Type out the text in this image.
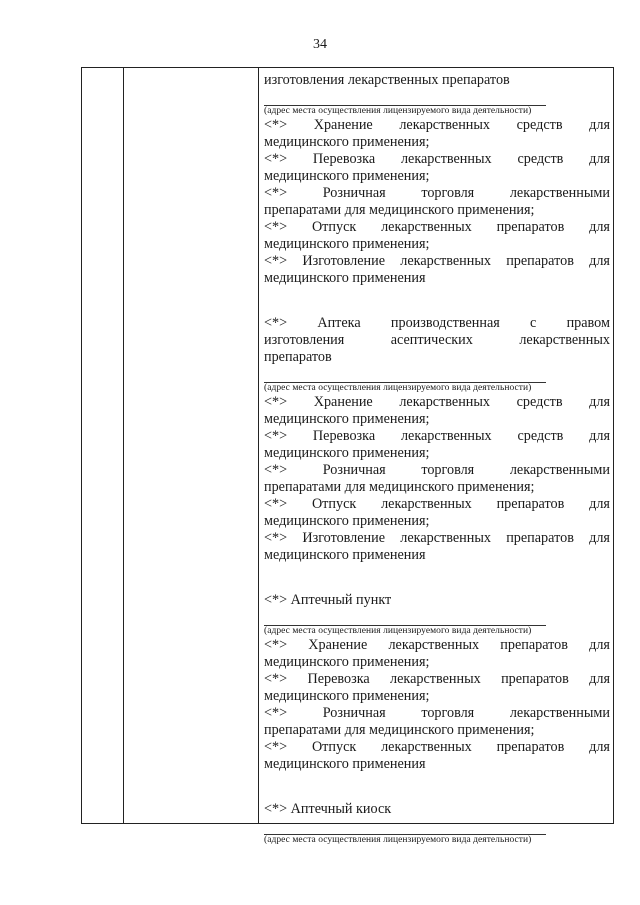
34
изготовления лекарственных препаратов
(адрес места осуществления лицензируемого вида деятельности)
<*> Хранение лекарственных средств для
медицинского применения;
<*> Перевозка лекарственных средств для
медицинского применения;
<*>	Розничная	торговля	лекарственными
препаратами для медицинского применения;
<*> Отпуск лекарственных препаратов для
медицинского применения;
<*> Изготовление лекарственных препаратов для
медицинского применения
<*> Аптека производственная с правом
изготовления	асептических	лекарственных
препаратов
(адрес места осуществления лицензируемого вида деятельности)
<*> Хранение лекарственных средств для
медицинского применения;
<*> Перевозка лекарственных средств для
медицинского применения;
<*>	Розничная	торговля	лекарственными
препаратами для медицинского применения;
<*> Отпуск лекарственных препаратов для
медицинского применения;
<*> Изготовление лекарственных препаратов для
медицинского применения
<*> Аптечный пункт
(адрес места осуществления лицензируемого вида деятельности)
<*> Хранение лекарственных препаратов для
медицинского применения;
<*> Перевозка лекарственных препаратов для
медицинского применения;
<*>	Розничная	торговля	лекарственными
препаратами для медицинского применения;
<*> Отпуск лекарственных препаратов для
медицинского применения
<*> Аптечный киоск
(адрес места осуществления лицензируемого вида деятельности)
